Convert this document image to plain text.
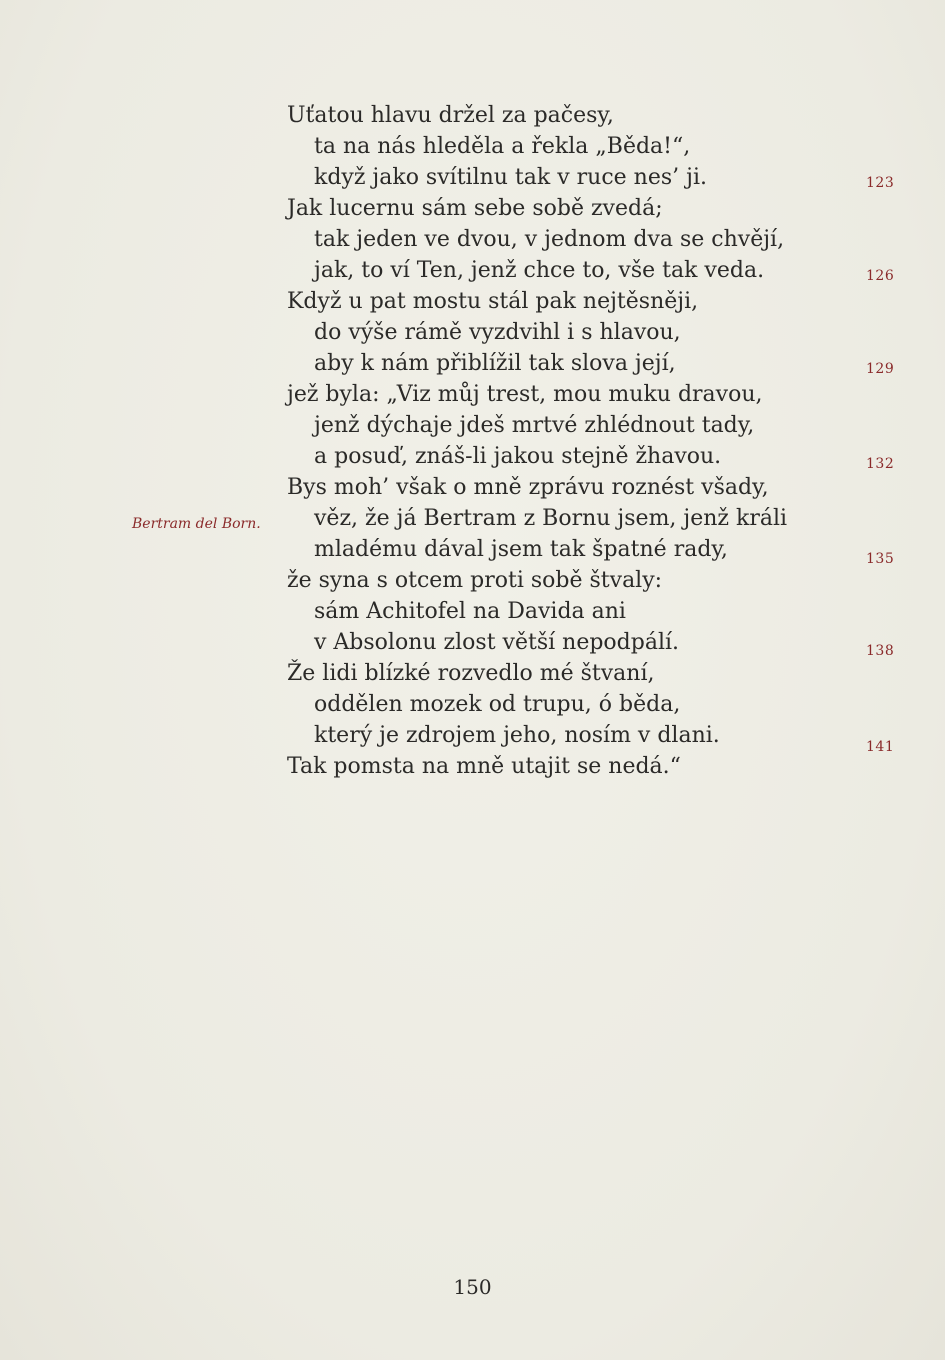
Uťatou hlavu držel za pačesy,
ta na nás hleděla a řekla „Běda!“,
když jako svítilnu tak v ruce nes’ ji.
Jak lucernu sám sebe sobě zvedá;
tak jeden ve dvou, v jednom dva se chvějí,
jak, to ví Ten, jenž chce to, vše tak veda.
Když u pat mostu stál pak nejtěsněji,
do výše rámě vyzdvihl i s hlavou,
aby k nám přiblížil tak slova její,
jež byla: „Viz můj trest, mou muku dravou,
jenž dýchaje jdeš mrtvé zhlédnout tady,
a posuď, znáš-li jakou stejně žhavou.
Bys moh’ však o mně zprávu roznést všady,
věz, že já Bertram z Bornu jsem, jenž králi
mladému dával jsem tak špatné rady,
že syna s otcem proti sobě štvaly:
sám Achitofel na Davida ani
v Absolonu zlost větší nepodpálí.
Že lidi blízké rozvedlo mé štvaní,
oddělen mozek od trupu, ó běda,
který je zdrojem jeho, nosím v dlani.
Tak pomsta na mně utajit se nedá.“
123
126
129
132
135
138
141
Bertram del Born.
150
